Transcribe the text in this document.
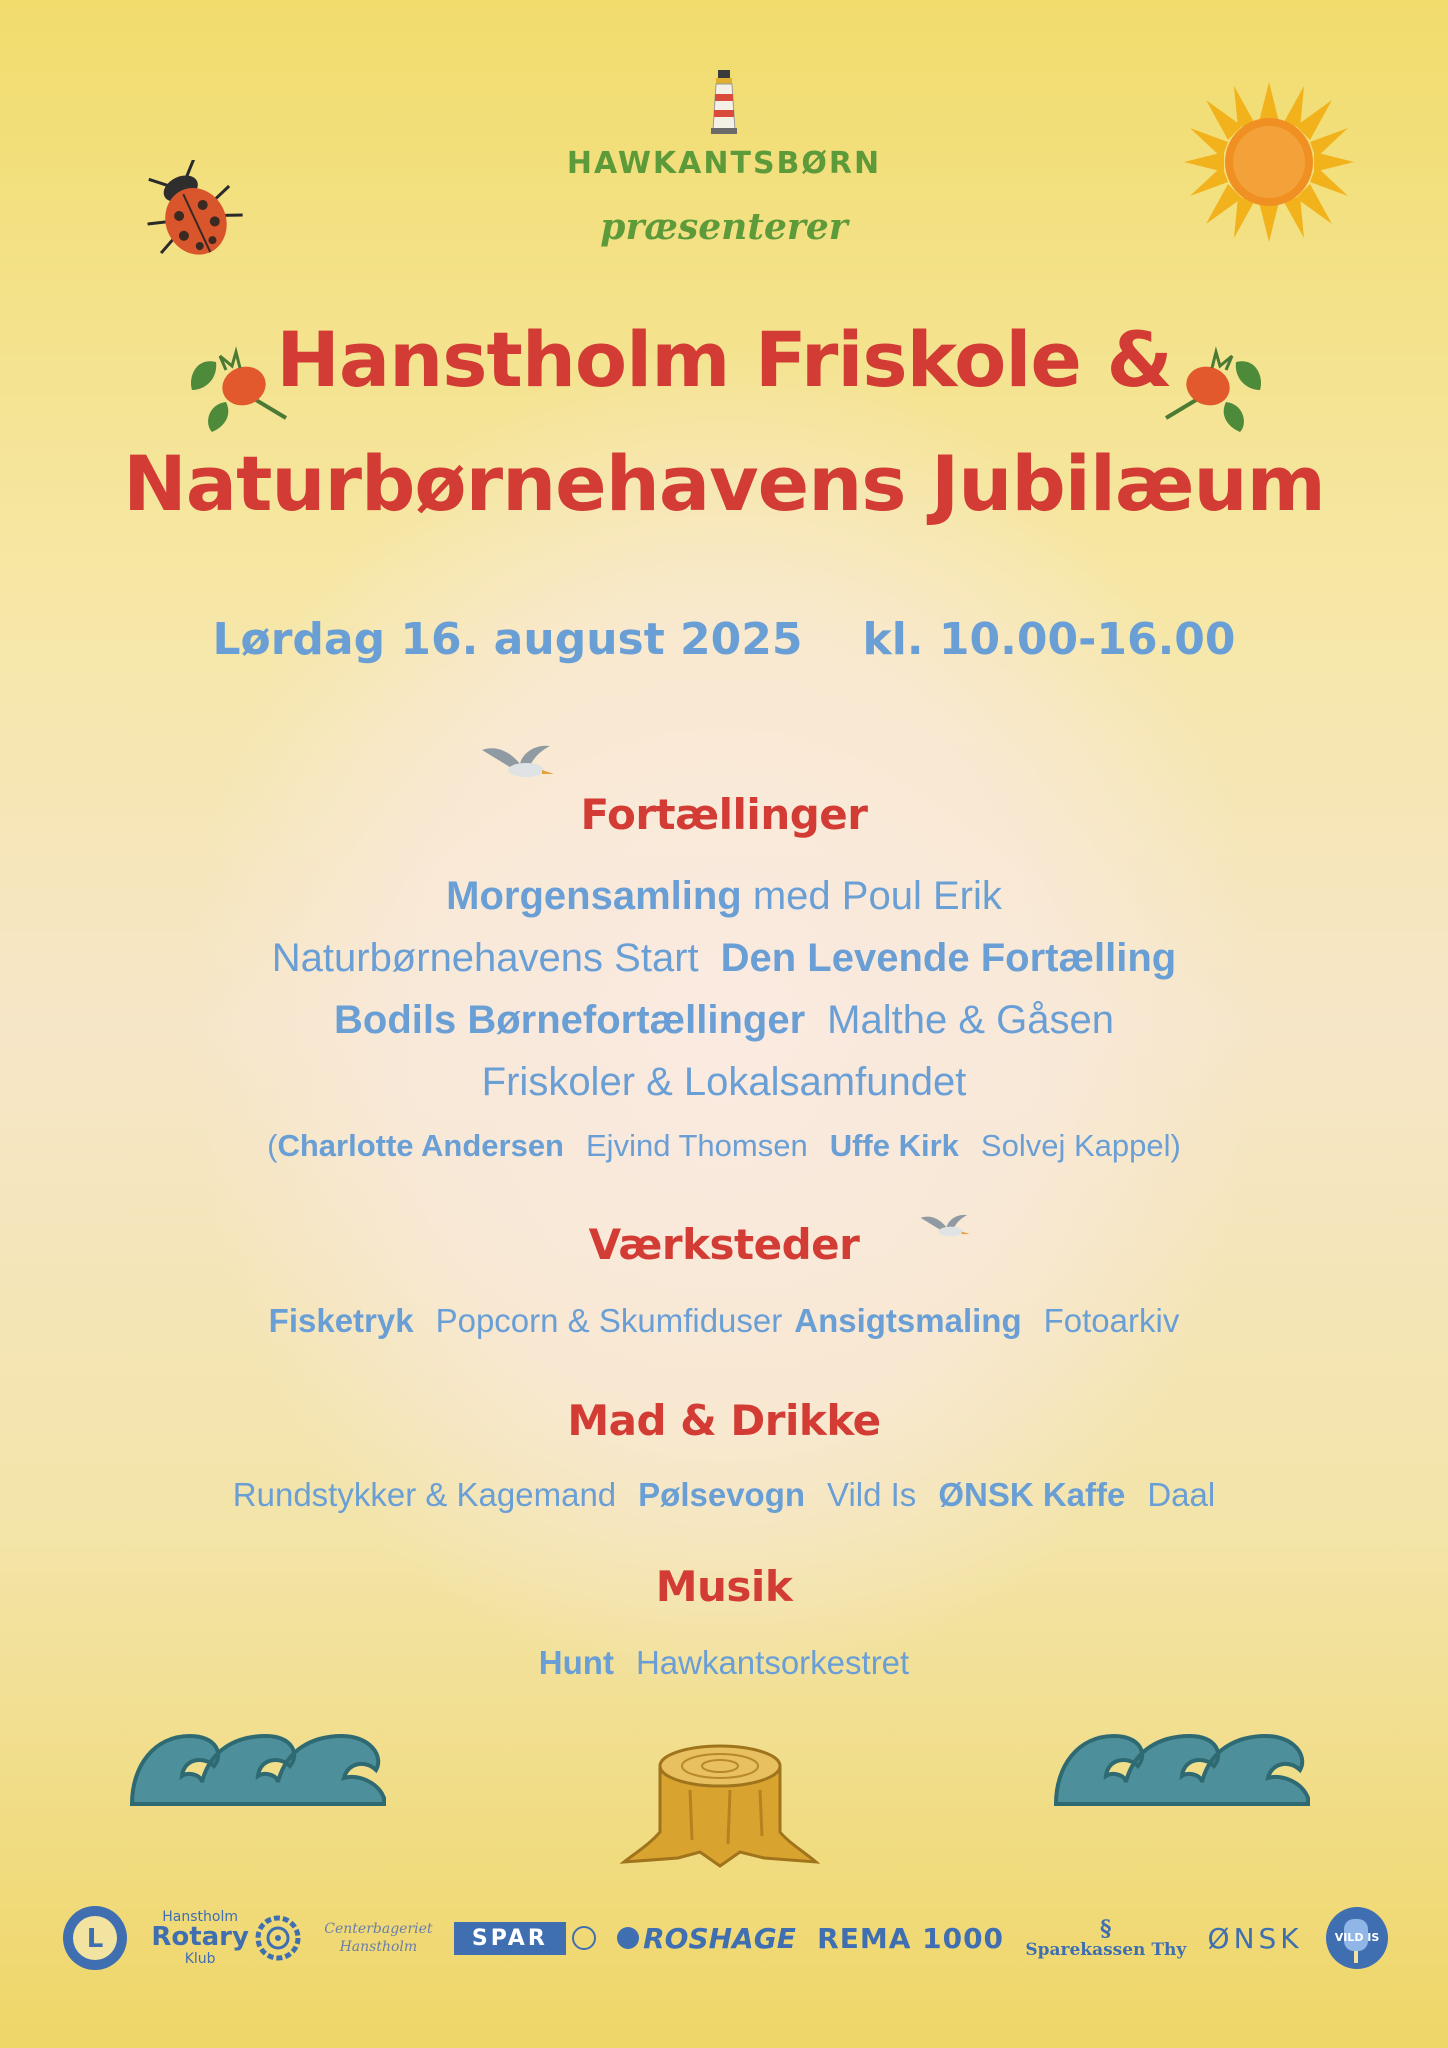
HAWKANTSBØRN
præsenterer
Hanstholm Friskole &
Naturbørnehavens Jubilæum
Lørdag 16. august 2025 kl. 10.00-16.00
Fortællinger
Morgensamling med Poul Erik
Naturbørnehavens Start Den Levende Fortælling
Bodils Børnefortællinger Malthe & Gåsen
Friskoler & Lokalsamfundet
(Charlotte Andersen Ejvind Thomsen Uffe Kirk Solvej Kappel)
Værksteder
Fisketryk Popcorn & Skumfiduser Ansigtsmaling Fotoarkiv
Mad & Drikke
Rundstykker & Kagemand Pølsevogn Vild Is ØNSK Kaffe Daal
Musik
Hunt Hawkantsorkestret
L
Hanstholm
Rotary
Klub
Centerbageriet
Hanstholm	SPAR	ROSHAGE REMA 1000	§
Sparekassen Thy ØNSK	VILD IS
